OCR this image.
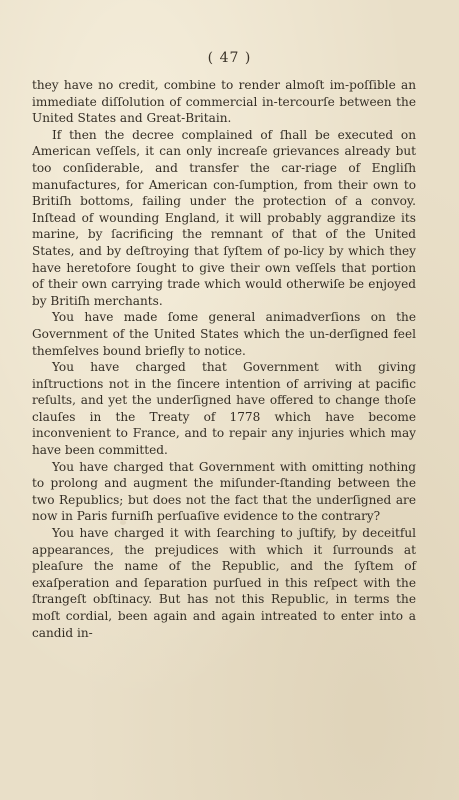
( 47 )

they have no credit, combine to render almoſt im-poſſible an immediate diſſolution of commercial in-tercourſe between the United States and Great-Britain.

If then the decree complained of ſhall be executed on American veſſels, it can only increaſe grievances already but too conſiderable, and transfer the car-riage of Engliſh manufactures, for American con-ſumption, from their own to Britiſh bottoms, failing under the protection of a convoy. Inſtead of wounding England, it will probably aggrandize its marine, by ſacrificing the remnant of that of the United States, and by deſtroying that ſyſtem of po-licy by which they have heretofore ſought to give their own veſſels that portion of their own carrying trade which would otherwiſe be enjoyed by Britiſh merchants.

You have made ſome general animadverſions on the Government of the United States which the un-derſigned feel themſelves bound briefly to notice.

You have charged that Government with giving inſtructions not in the ſincere intention of arriving at pacific reſults, and yet the underſigned have offered to change thoſe clauſes in the Treaty of 1778 which have become inconvenient to France, and to repair any injuries which may have been committed.

You have charged that Government with omitting nothing to prolong and augment the miſunder-ſtanding between the two Republics; but does not the fact that the underſigned are now in Paris furniſh perſuaſive evidence to the contrary?

You have charged it with ſearching to juſtify, by deceitful appearances, the prejudices with which it ſurrounds at pleaſure the name of the Republic, and the ſyſtem of exaſperation and ſeparation purſued in this reſpect with the ſtrangeſt obſtinacy. But has not this Republic, in terms the moſt cordial, been again and again intreated to enter into a candid in-
